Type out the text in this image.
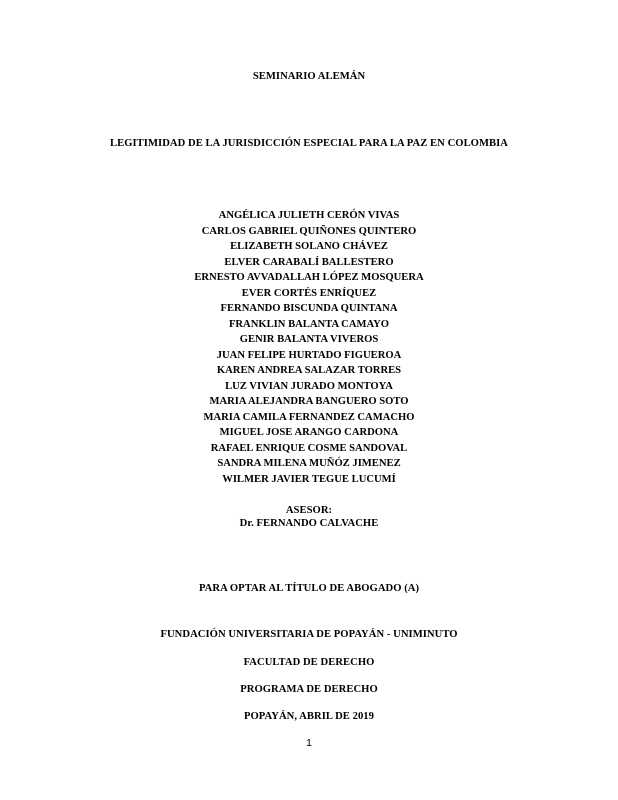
SEMINARIO ALEMÁN
LEGITIMIDAD DE LA JURISDICCIÓN ESPECIAL PARA LA PAZ EN COLOMBIA
ANGÉLICA JULIETH CERÓN VIVAS
CARLOS GABRIEL QUIÑONES QUINTERO
ELIZABETH SOLANO CHÁVEZ
ELVER CARABALÍ BALLESTERO
ERNESTO AVVADALLAH LÓPEZ MOSQUERA
EVER CORTÉS ENRÍQUEZ
FERNANDO BISCUNDA QUINTANA
FRANKLIN BALANTA CAMAYO
GENIR BALANTA VIVEROS
JUAN FELIPE HURTADO FIGUEROA
KAREN ANDREA SALAZAR TORRES
LUZ VIVIAN JURADO MONTOYA
MARIA ALEJANDRA BANGUERO SOTO
MARIA CAMILA FERNANDEZ CAMACHO
MIGUEL JOSE ARANGO CARDONA
RAFAEL ENRIQUE COSME SANDOVAL
SANDRA MILENA MUÑÓZ JIMENEZ
WILMER JAVIER TEGUE LUCUMÍ
ASESOR:
Dr. FERNANDO CALVACHE
PARA OPTAR AL TÍTULO DE ABOGADO (A)
FUNDACIÓN UNIVERSITARIA DE POPAYÁN - UNIMINUTO
FACULTAD DE DERECHO
PROGRAMA DE DERECHO
POPAYÁN, ABRIL DE 2019
1
